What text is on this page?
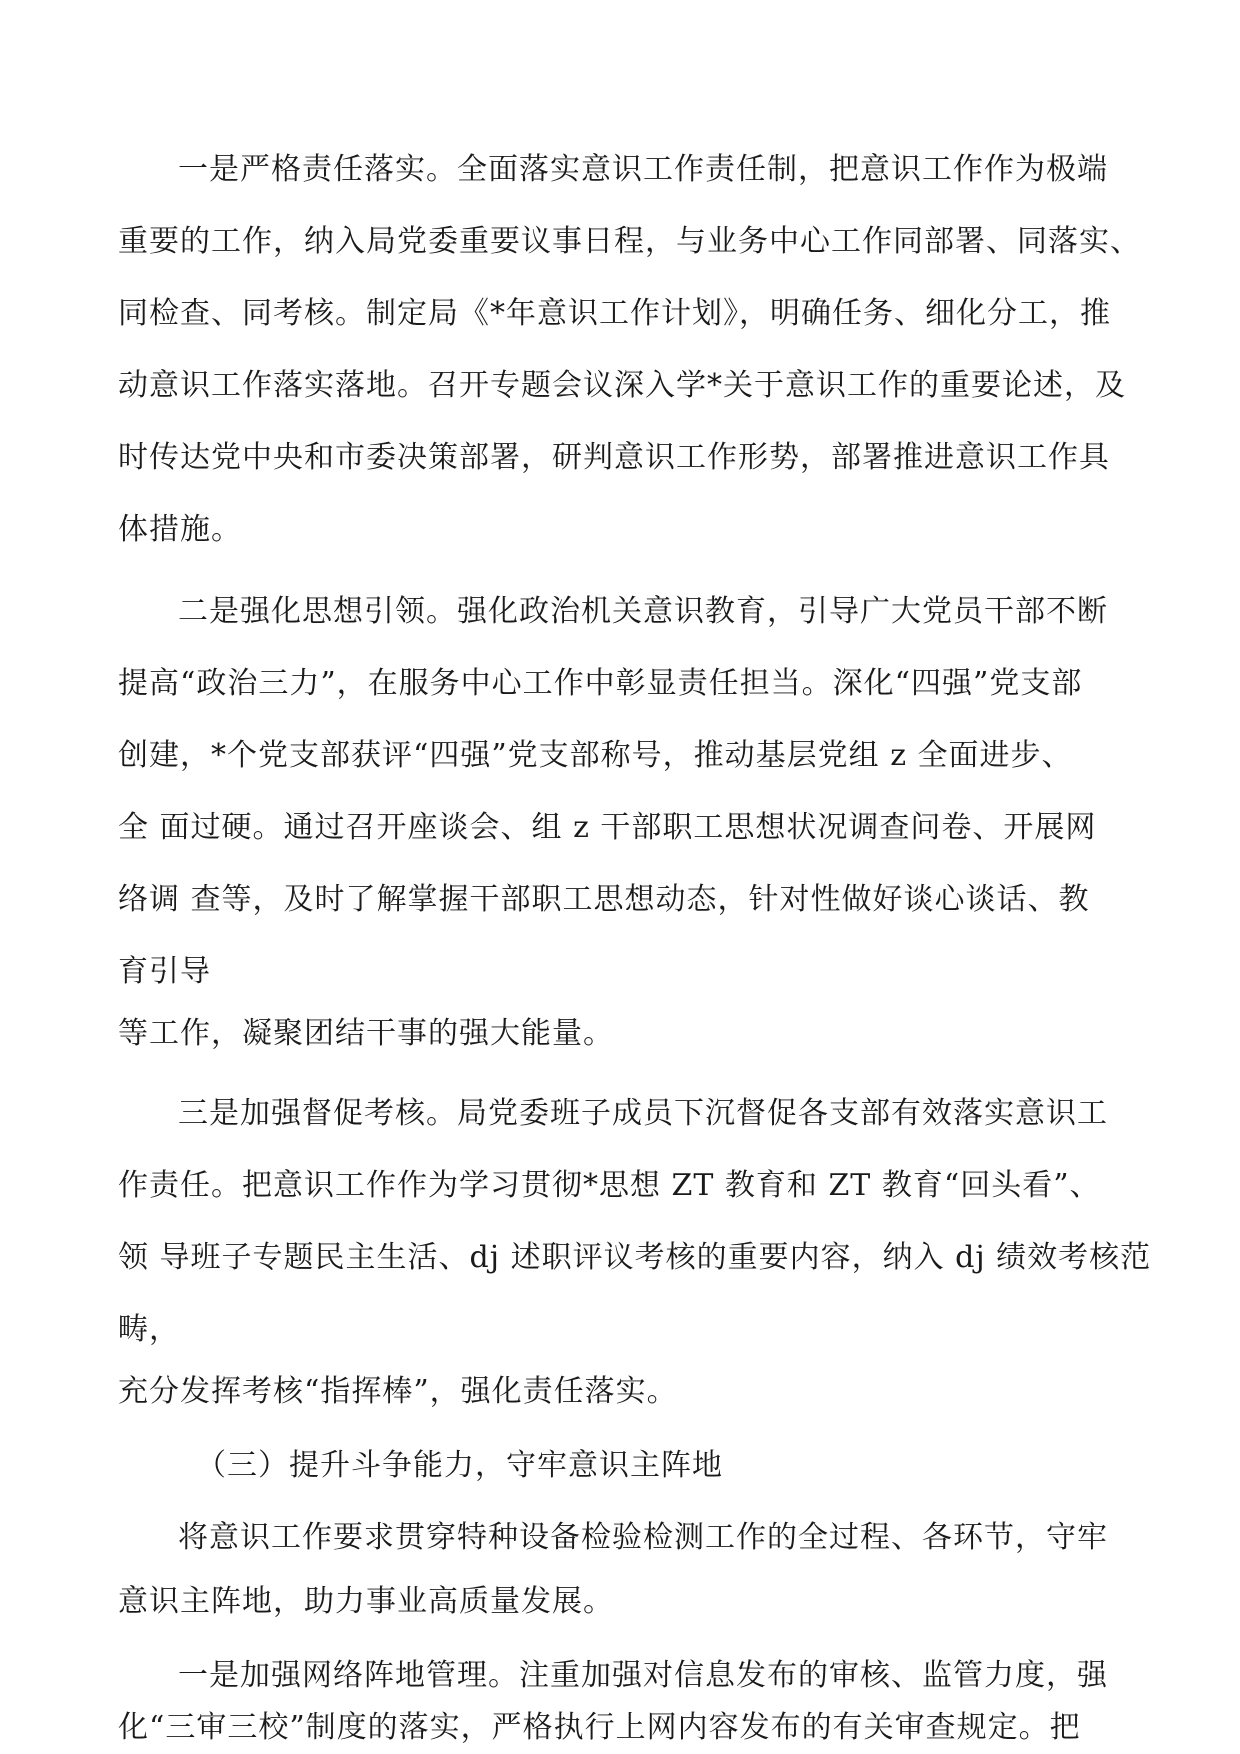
一是严格责任落实。全面落实意识工作责任制，把意识工作作为极端
重要的工作，纳入局党委重要议事日程，与业务中心工作同部署、同落实、
同检查、同考核。制定局《*年意识工作计划》，明确任务、细化分工，推
动意识工作落实落地。召开专题会议深入学*关于意识工作的重要论述，及
时传达党中央和市委决策部署，研判意识工作形势，部署推进意识工作具
体措施。
二是强化思想引领。强化政治机关意识教育，引导广大党员干部不断
提高“政治三力”，在服务中心工作中彰显责任担当。深化“四强”党支部
创建，*个党支部获评“四强”党支部称号，推动基层党组 z 全面进步、
全 面过硬。通过召开座谈会、组 z 干部职工思想状况调查问卷、开展网
络调 查等，及时了解掌握干部职工思想动态，针对性做好谈心谈话、教
育引导
等工作，凝聚团结干事的强大能量。
三是加强督促考核。局党委班子成员下沉督促各支部有效落实意识工
作责任。把意识工作作为学习贯彻*思想 ZT 教育和 ZT 教育“回头看”、
领 导班子专题民主生活、dj 述职评议考核的重要内容，纳入 dj 绩效考核范
畴，
充分发挥考核“指挥棒”，强化责任落实。
（三）提升斗争能力，守牢意识主阵地
将意识工作要求贯穿特种设备检验检测工作的全过程、各环节，守牢
意识主阵地，助力事业高质量发展。
一是加强网络阵地管理。注重加强对信息发布的审核、监管力度，强
化“三审三校”制度的落实，严格执行上网内容发布的有关审查规定。把
